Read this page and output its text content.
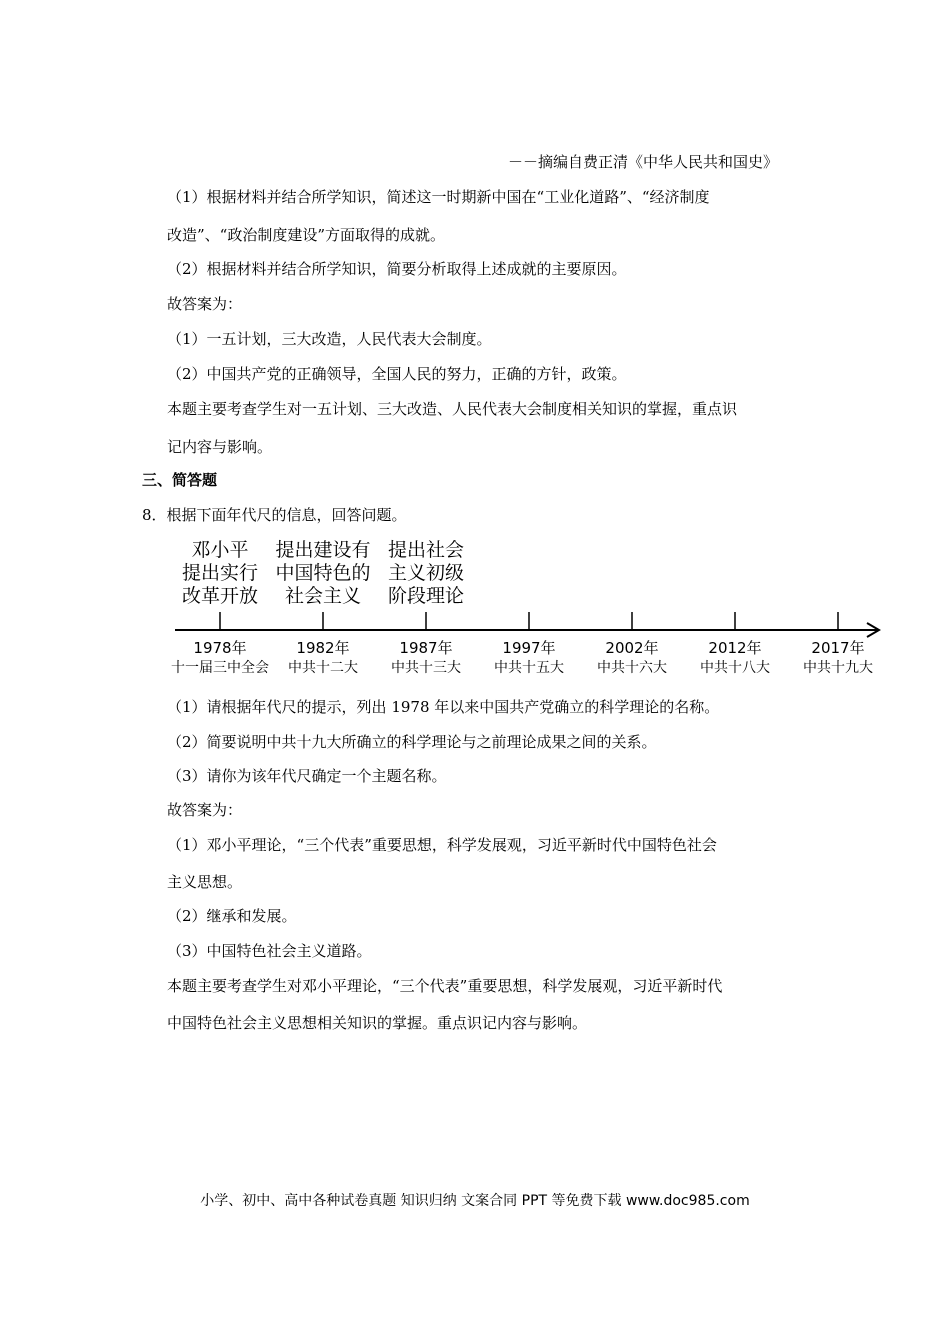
－－摘编自费正清《中华人民共和国史》
（1）根据材料并结合所学知识，简述这一时期新中国在“工业化道路”、“经济制度
改造”、“政治制度建设”方面取得的成就。
（2）根据材料并结合所学知识，简要分析取得上述成就的主要原因。
故答案为：
（1）一五计划，三大改造，人民代表大会制度。
（2）中国共产党的正确领导，全国人民的努力，正确的方针，政策。
本题主要考查学生对一五计划、三大改造、人民代表大会制度相关知识的掌握，重点识
记内容与影响。
三、简答题
8．根据下面年代尺的信息，回答问题。
1978年
十一届三中全会
邓小平
提出实行
改革开放
1982年
中共十二大
提出建设有
中国特色的
社会主义
1987年
中共十三大
提出社会
主义初级
阶段理论
1997年
中共十五大
2002年
中共十六大
2012年
中共十八大
2017年
中共十九大
（1）请根据年代尺的提示，列出 1978 年以来中国共产党确立的科学理论的名称。
（2）简要说明中共十九大所确立的科学理论与之前理论成果之间的关系。
（3）请你为该年代尺确定一个主题名称。
故答案为：
（1）邓小平理论，“三个代表”重要思想，科学发展观，习近平新时代中国特色社会
主义思想。
（2）继承和发展。
（3）中国特色社会主义道路。
本题主要考查学生对邓小平理论，“三个代表”重要思想，科学发展观，习近平新时代
中国特色社会主义思想相关知识的掌握。重点识记内容与影响。
小学、初中、高中各种试卷真题 知识归纳 文案合同 PPT 等免费下载 www.doc985.com
